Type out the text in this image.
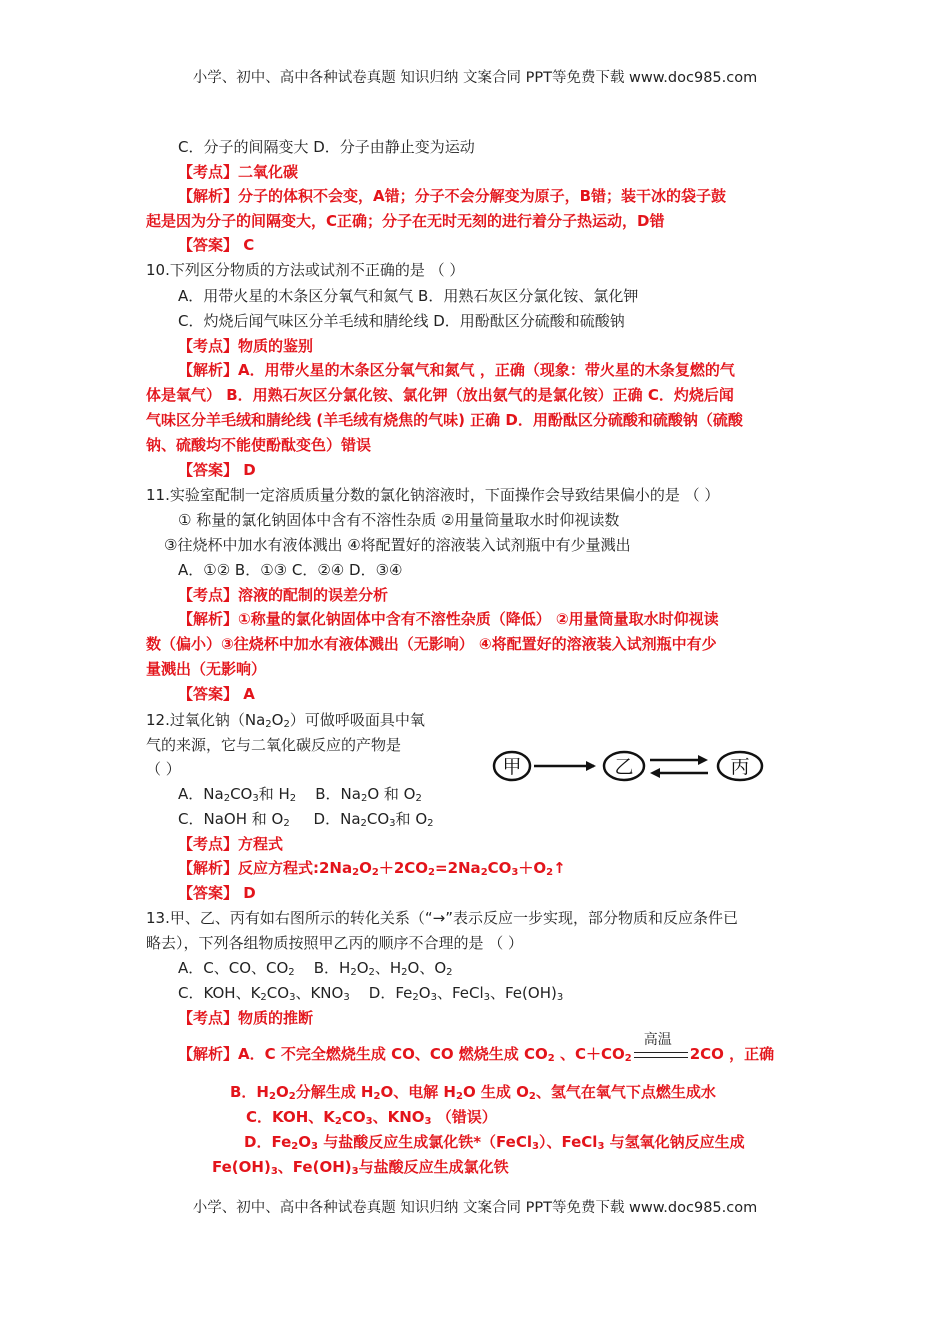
小学、初中、高中各种试卷真题 知识归纳 文案合同 PPT等免费下载 www.doc985.com
C．分子的间隔变大 D．分子由静止变为运动
【考点】二氧化碳
【解析】分子的体积不会变，A错；分子不会分解变为原子，B错；装干冰的袋子鼓
起是因为分子的间隔变大，C正确；分子在无时无刻的进行着分子热运动，D错
【答案】 C
10.下列区分物质的方法或试剂不正确的是 （ ）
A．用带火星的木条区分氧气和氮气 B．用熟石灰区分氯化铵、氯化钾
C．灼烧后闻气味区分羊毛绒和腈纶线 D．用酚酞区分硫酸和硫酸钠
【考点】物质的鉴别
【解析】A．用带火星的木条区分氧气和氮气 ，正确（现象：带火星的木条复燃的气
体是氧气） B．用熟石灰区分氯化铵、氯化钾（放出氨气的是氯化铵）正确 C．灼烧后闻
气味区分羊毛绒和腈纶线 (羊毛绒有烧焦的气味) 正确 D．用酚酞区分硫酸和硫酸钠（硫酸
钠、硫酸均不能使酚酞变色）错误
【答案】 D
11.实验室配制一定溶质质量分数的氯化钠溶液时，下面操作会导致结果偏小的是 （ ）
① 称量的氯化钠固体中含有不溶性杂质 ②用量筒量取水时仰视读数
③往烧杯中加水有液体溅出 ④将配置好的溶液装入试剂瓶中有少量溅出
A．①② B．①③ C．②④ D．③④
【考点】溶液的配制的误差分析
【解析】①称量的氯化钠固体中含有不溶性杂质（降低） ②用量筒量取水时仰视读
数（偏小）③往烧杯中加水有液体溅出（无影响） ④将配置好的溶液装入试剂瓶中有少
量溅出（无影响）
【答案】 A
12.过氧化钠$(Na_2O_2)$可做呼吸面具中氧
气的来源，它与二氧化碳反应的产物是
（ ）
A．$Na_2CO_3$和 $H_2$ B．$Na_2O$ 和 $O_2$
C．NaOH 和 $O_2$ D．$Na_2CO_3$和 $O_2$
【考点】方程式
【解析】反应方程式$:2Na_2O_2+2CO_2=2Na_2CO_3+O_2↑$
【答案】 D
甲	乙	丙
13.甲、乙、丙有如右图所示的转化关系（“→”表示反应一步实现，部分物质和反应条件已
略去），下列各组物质按照甲乙丙的顺序不合理的是 （ ）
A．C、CO、$CO_2$ B．$H_2O_2$、$H_2O$、$O_2$
C．KOH、$K_2CO_3$、$KNO_3$ D．$Fe_2O_3$、FeCl$_3$、$Fe(OH)_3$
【考点】物质的推断
【解析】A．C 不完全燃烧生成 CO、CO 燃烧生成 $CO_2$ 、$C+CO_2$
高温
2CO ，正确
B．$H_2O_2$分解生成 $H_2O$、电解 $H_2O$ 生成 $O_2$、氢气在氧气下点燃生成水
C．KOH、$K_2CO_3$、$KNO_3$ （错误）
D．$Fe_2O_3$ 与盐酸反应生成氯化铁*（FeCl$_3$）、FeCl$_3$ 与氢氧化钠反应生成
$Fe(OH)_3$、$Fe(OH)_3$与盐酸反应生成氯化铁
小学、初中、高中各种试卷真题 知识归纳 文案合同 PPT等免费下载 www.doc985.com
